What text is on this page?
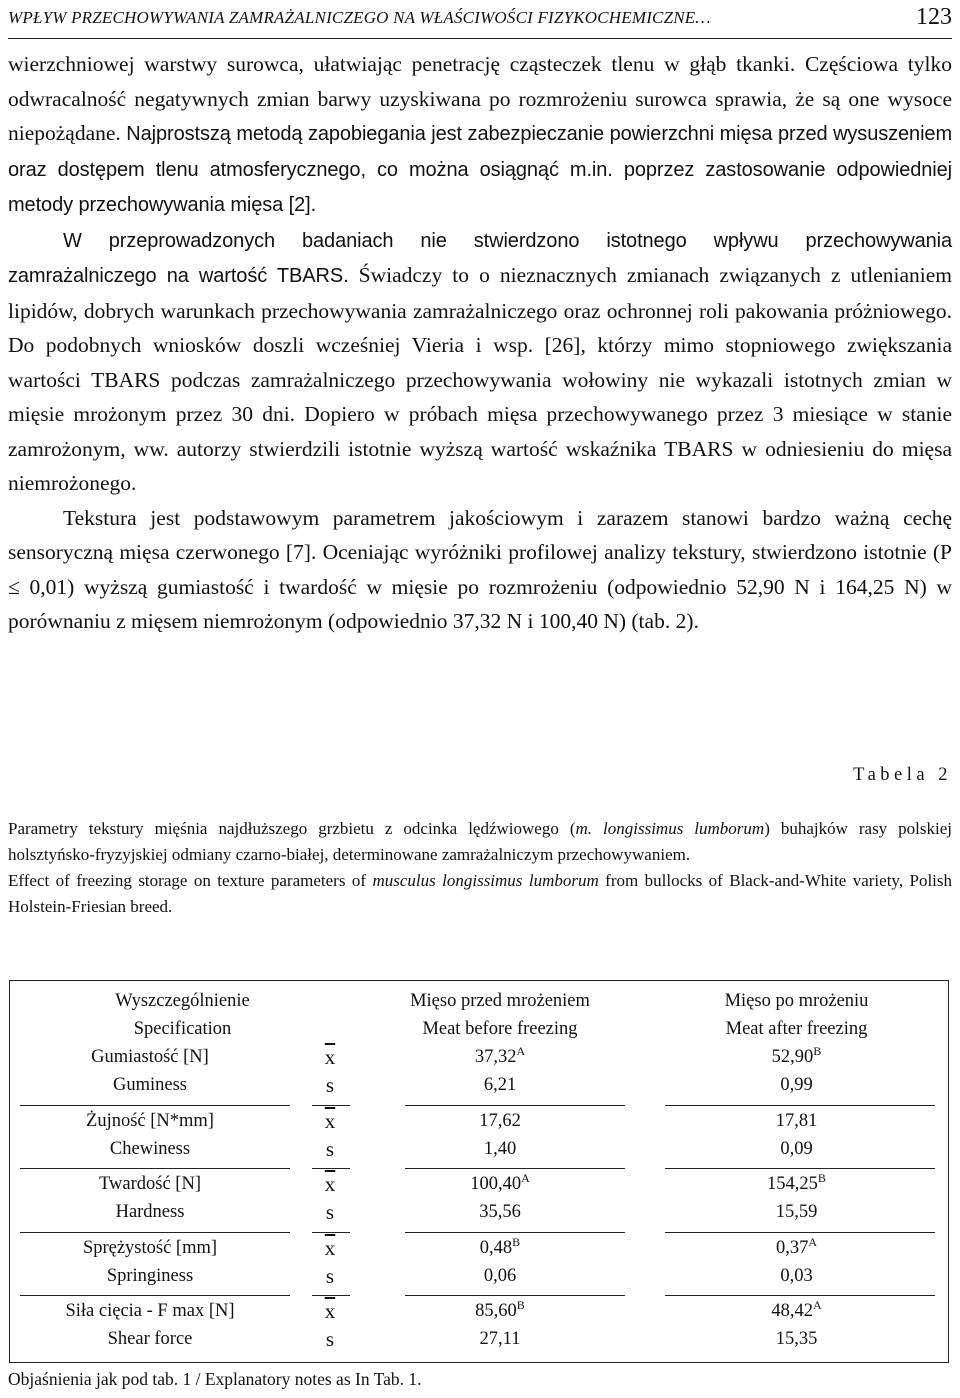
WPŁYW PRZECHOWYWANIA ZAMRAŻALNICZEGO NA WŁAŚCIWOŚCI FIZYKOCHEMICZNE…	123

wierzchniowej warstwy surowca, ułatwiając penetrację cząsteczek tlenu w głąb tkanki. Częściowa tylko odwracalność negatywnych zmian barwy uzyskiwana po rozmrożeniu surowca sprawia, że są one wysoce niepożądane. Najprostszą metodą zapobiegania jest zabezpieczanie powierzchni mięsa przed wysuszeniem oraz dostępem tlenu atmosferycznego, co można osiągnąć m.in. poprzez zastosowanie odpowiedniej metody przechowywania mięsa [2].

W przeprowadzonych badaniach nie stwierdzono istotnego wpływu przechowywania zamrażalniczego na wartość TBARS. Świadczy to o nieznacznych zmianach związanych z utlenianiem lipidów, dobrych warunkach przechowywania zamrażalniczego oraz ochronnej roli pakowania próżniowego. Do podobnych wniosków doszli wcześniej Vieria i wsp. [26], którzy mimo stopniowego zwiększania wartości TBARS podczas zamrażalniczego przechowywania wołowiny nie wykazali istotnych zmian w mięsie mrożonym przez 30 dni. Dopiero w próbach mięsa przechowywanego przez 3 miesiące w stanie zamrożonym, ww. autorzy stwierdzili istotnie wyższą wartość wskaźnika TBARS w odniesieniu do mięsa niemrożonego.

Tekstura jest podstawowym parametrem jakościowym i zarazem stanowi bardzo ważną cechę sensoryczną mięsa czerwonego [7]. Oceniając wyróżniki profilowej analizy tekstury, stwierdzono istotnie (P ≤ 0,01) wyższą gumiastość i twardość w mięsie po rozmrożeniu (odpowiednio 52,90 N i 164,25 N) w porównaniu z mięsem niemrożonym (odpowiednio 37,32 N i 100,40 N) (tab. 2).

Tabela 2

Parametry tekstury mięśnia najdłuższego grzbietu z odcinka lędźwiowego (m. longissimus lumborum) buhajków rasy polskiej holsztyńsko-fryzyjskiej odmiany czarno-białej, determinowane zamrażalniczym przechowywaniem.

Effect of freezing storage on texture parameters of musculus longissimus lumborum from bullocks of Black-and-White variety, Polish Holstein-Friesian breed.

Wyszczególnienie
Specification
Mięso przed mrożeniem
Meat before freezing
Mięso po mrożeniu
Meat after freezing
Gumiastość [N]
Guminess
$\overline{x}$
s
$37,32^A$
6,21
$52,90^B$
0,99
Żujność [N*mm]
Chewiness
$\overline{x}$
s
17,62
1,40
17,81
0,09
Twardość [N]
Hardness
$\overline{x}$
s
$100,40^A$
35,56
$154,25^B$
15,59
Sprężystość [mm]
Springiness
$\overline{x}$
s
$0,48^B$
0,06
$0,37^A$
0,03
Siła cięcia - F max [N]
Shear force
$\overline{x}$
s
$85,60^B$
27,11
$48,42^A$
15,35
Objaśnienia jak pod tab. 1 / Explanatory notes as In Tab. 1.
